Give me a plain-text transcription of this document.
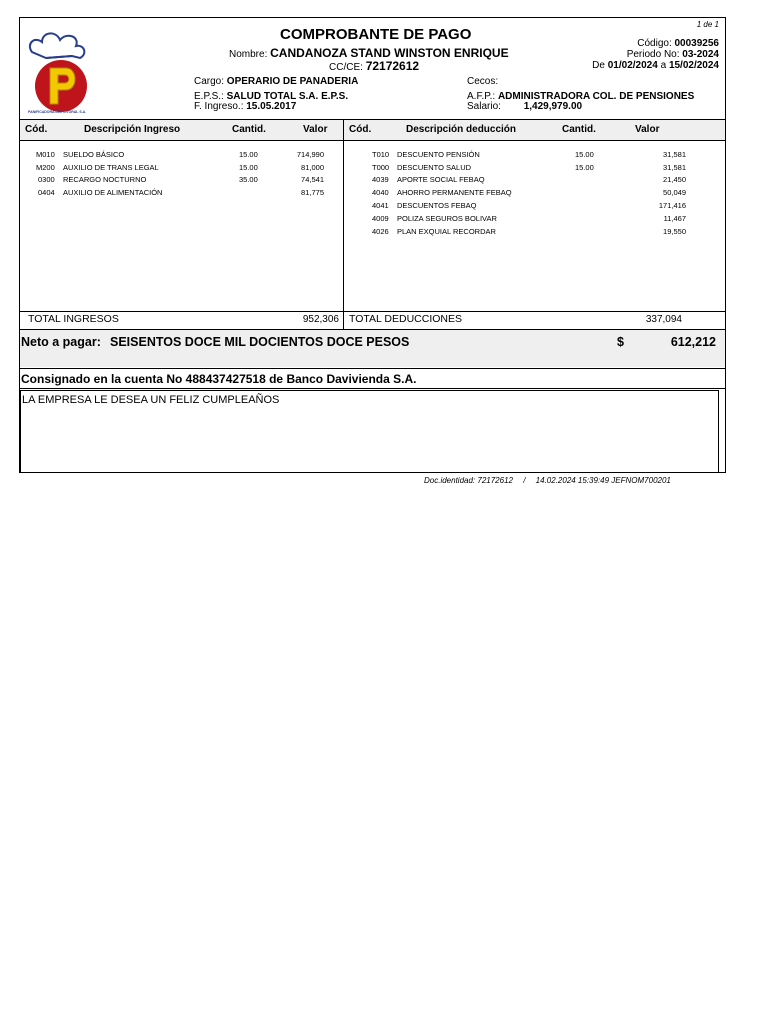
PANIFICADORA DEL LITORAL S.A.
1 de 1
COMPROBANTE DE PAGO
Nombre: CANDANOZA STAND WINSTON ENRIQUE
CC/CE: 72172612
Código: 00039256
Periodo No: 03-2024
De 01/02/2024 a 15/02/2024
Cargo: OPERARIO DE PANADERIA	Cecos:
E.P.S.: SALUD TOTAL S.A. E.P.S.	A.F.P.: ADMINISTRADORA COL. DE PENSIONES
F. Ingreso.: 15.05.2017	Salario: 1,429,979.00
Cód.	Descripción Ingreso	Cantid.	Valor Cód.	Descripción deducción	Cantid.	Valor
M010 SUELDO BÁSICO	15.00	714,990
M200 AUXILIO DE TRANS LEGAL	15.00	81,000
0300 RECARGO NOCTURNO	35.00	74,541
0404 AUXILIO DE ALIMENTACIÓN	81,775
T010 DESCUENTO PENSIÓN	15.00	31,581
T000 DESCUENTO SALUD	15.00	31,581
4039 APORTE SOCIAL FEBAQ	21,450
4040 AHORRO PERMANENTE FEBAQ	50,049
4041 DESCUENTOS FEBAQ	171,416
4009 POLIZA SEGUROS BOLIVAR	11,467
4026 PLAN EXQUIAL RECORDAR	19,550
TOTAL INGRESOS	952,306 TOTAL DEDUCCIONES	337,094
Neto a pagar: SEISENTOS DOCE MIL DOCIENTOS DOCE PESOS	$	612,212
Consignado en la cuenta No 488437427518 de Banco Davivienda S.A.
LA EMPRESA LE DESEA UN FELIZ CUMPLEAÑOS
Doc.identidad: 72172612 / 14.02.2024 15:39:49 JEFNOM700201
